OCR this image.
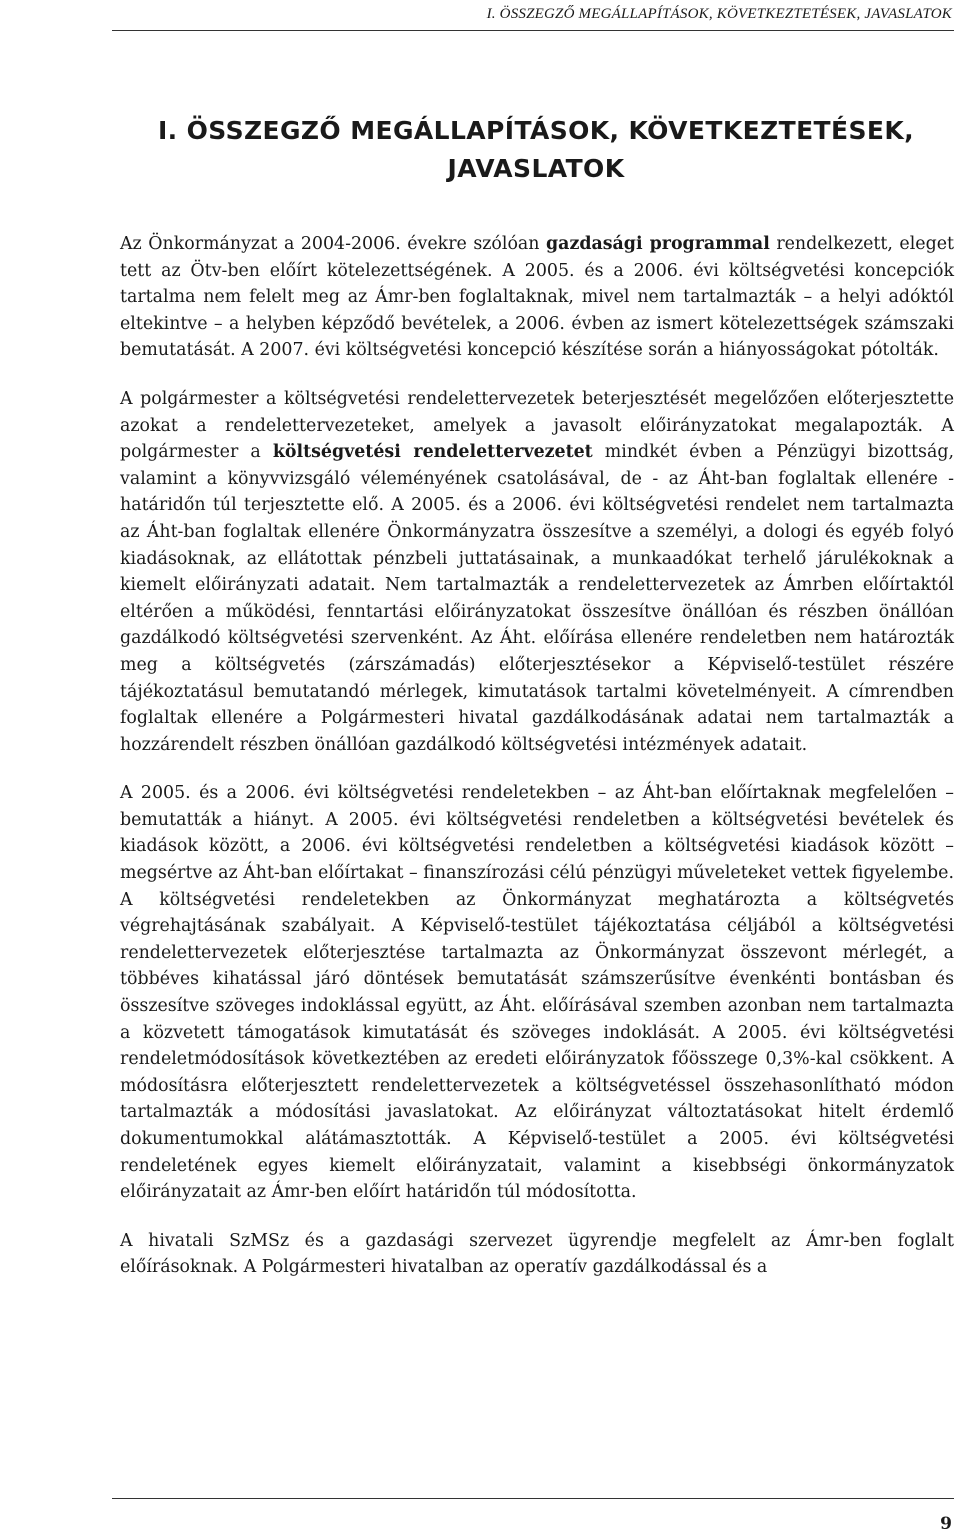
I. ÖSSZEGZŐ MEGÁLLAPÍTÁSOK, KÖVETKEZTETÉSEK, JAVASLATOK
I. ÖSSZEGZŐ MEGÁLLAPÍTÁSOK, KÖVETKEZTETÉSEK,
JAVASLATOK

Az Önkormányzat a 2004-2006. évekre szólóan gazdasági programmal rendelkezett, eleget tett az Ötv-ben előírt kötelezettségének. A 2005. és a 2006. évi költségvetési koncepciók tartalma nem felelt meg az Ámr-ben foglaltaknak, mivel nem tartalmazták – a helyi adóktól eltekintve – a helyben képződő bevételek, a 2006. évben az ismert kötelezettségek számszaki bemutatását. A 2007. évi költségvetési koncepció készítése során a hiányosságokat pótolták.

A polgármester a költségvetési rendelettervezetek beterjesztését megelőzően előterjesztette azokat a rendelettervezeteket, amelyek a javasolt előirányzatokat megalapozták. A polgármester a költségvetési rendelettervezetet mindkét évben a Pénzügyi bizottság, valamint a könyvvizsgáló véleményének csatolásával, de - az Áht-ban foglaltak ellenére - határidőn túl terjesztette elő. A 2005. és a 2006. évi költségvetési rendelet nem tartalmazta az Áht-ban foglaltak ellenére Önkormányzatra összesítve a személyi, a dologi és egyéb folyó kiadásoknak, az ellátottak pénzbeli juttatásainak, a munkaadókat terhelő járulékoknak a kiemelt előirányzati adatait. Nem tartalmazták a rendelettervezetek az Ámrben előírtaktól eltérően a működési, fenntartási előirányzatokat összesítve önállóan és részben önállóan gazdálkodó költségvetési szervenként. Az Áht. előírása ellenére rendeletben nem határozták meg a költségvetés (zárszámadás) előterjesztésekor a Képviselő-testület részére tájékoztatásul bemutatandó mérlegek, kimutatások tartalmi követelményeit. A címrendben foglaltak ellenére a Polgármesteri hivatal gazdálkodásának adatai nem tartalmazták a hozzárendelt részben önállóan gazdálkodó költségvetési intézmények adatait.

A 2005. és a 2006. évi költségvetési rendeletekben – az Áht-ban előírtaknak megfelelően – bemutatták a hiányt. A 2005. évi költségvetési rendeletben a költségvetési bevételek és kiadások között, a 2006. évi költségvetési rendeletben a költségvetési kiadások között – megsértve az Áht-ban előírtakat – finanszírozási célú pénzügyi műveleteket vettek figyelembe. A költségvetési rendeletekben az Önkormányzat meghatározta a költségvetés végrehajtásának szabályait. A Képviselő-testület tájékoztatása céljából a költségvetési rendelettervezetek előterjesztése tartalmazta az Önkormányzat összevont mérlegét, a többéves kihatással járó döntések bemutatását számszerűsítve évenkénti bontásban és összesítve szöveges indoklással együtt, az Áht. előírásával szemben azonban nem tartalmazta a közvetett támogatások kimutatását és szöveges indoklását. A 2005. évi költségvetési rendeletmódosítások következtében az eredeti előirányzatok főösszege 0,3%-kal csökkent. A módosításra előterjesztett rendelettervezetek a költségvetéssel összehasonlítható módon tartalmazták a módosítási javaslatokat. Az előirányzat változtatásokat hitelt érdemlő dokumentumokkal alátámasztották. A Képviselő-testület a 2005. évi költségvetési rendeletének egyes kiemelt előirányzatait, valamint a kisebbségi önkormányzatok előirányzatait az Ámr-ben előírt határidőn túl módosította.

A hivatali SzMSz és a gazdasági szervezet ügyrendje megfelelt az Ámr-ben foglalt előírásoknak. A Polgármesteri hivatalban az operatív gazdálkodással és a

9
